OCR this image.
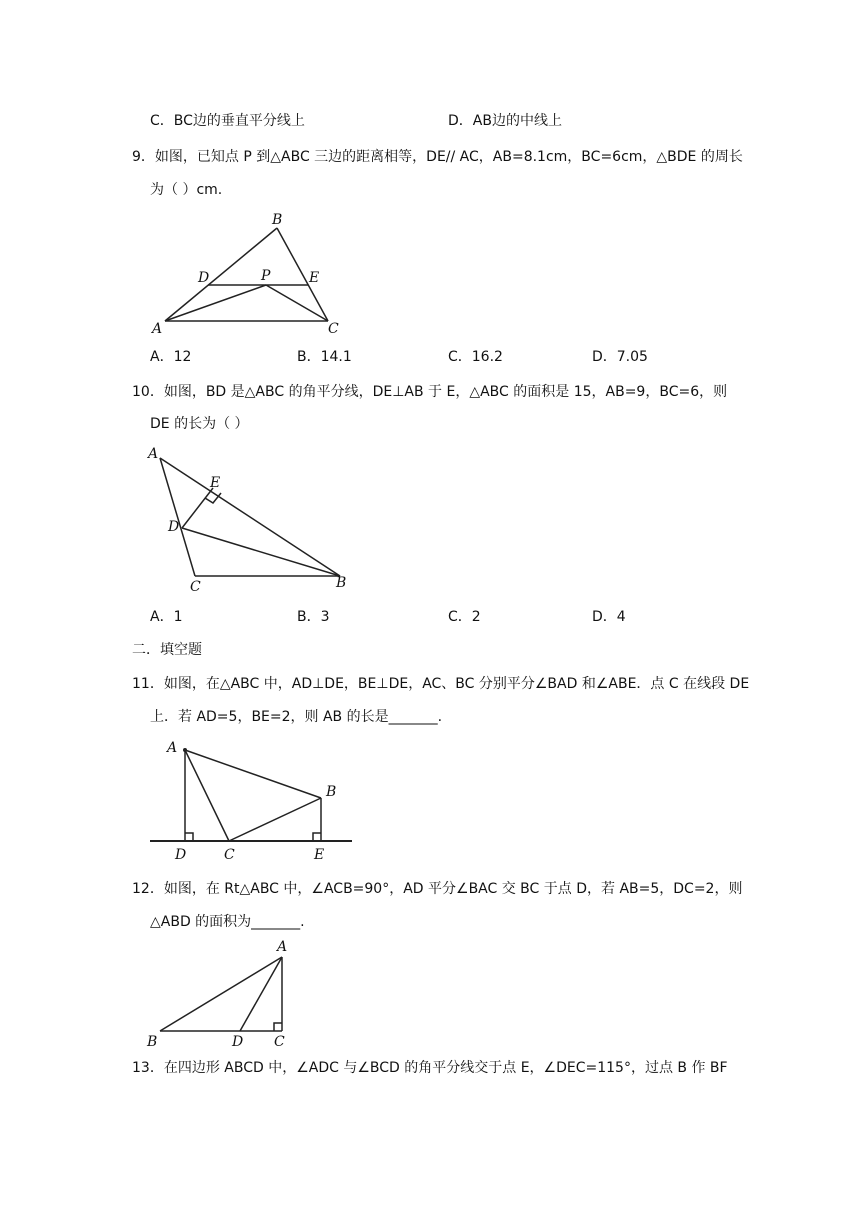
C．BC边的垂直平分线上	D．AB边的中线上
9．如图，已知点 P 到△ABC 三边的距离相等，DE// AC，AB=8.1cm，BC=6cm，△BDE 的周长
为（ ）cm.
B
D	P	E
A	C
A
E
D
C	B
A
B
D	C	E
A
B	D C
A．12	B．14.1	C．16.2	D．7.05
10．如图，BD 是△ABC 的角平分线，DE⊥AB 于 E，△ABC 的面积是 15，AB=9，BC=6，则
DE 的长为（ ）
A．1	B．3	C．2	D．4
二．填空题
11．如图，在△ABC 中，AD⊥DE，BE⊥DE，AC、BC 分别平分∠BAD 和∠ABE．点 C 在线段 DE
上．若 AD=5，BE=2，则 AB 的长是_______.
12．如图，在 Rt△ABC 中，∠ACB=90°，AD 平分∠BAC 交 BC 于点 D，若 AB=5，DC=2，则
△ABD 的面积为_______.
13．在四边形 ABCD 中，∠ADC 与∠BCD 的角平分线交于点 E，∠DEC=115°，过点 B 作 BF
